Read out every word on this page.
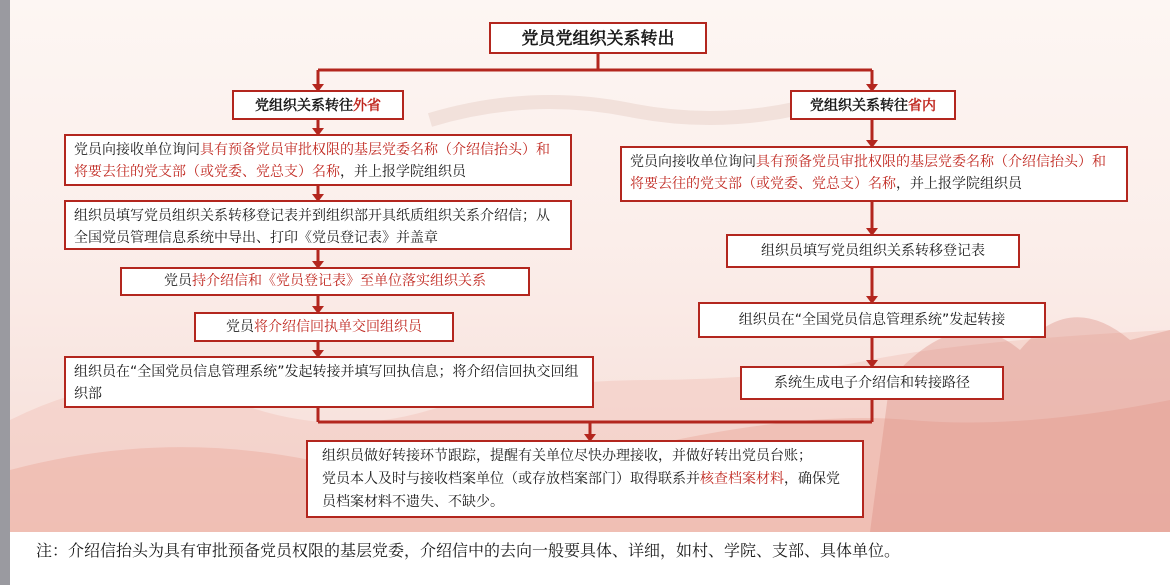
党员党组织关系转出
党组织关系转往外省
党员向接收单位询问具有预备党员审批权限的基层党委名称（介绍信抬头）和将要去往的党支部（或党委、党总支）名称，并上报学院组织员
组织员填写党员组织关系转移登记表并到组织部开具纸质组织关系介绍信；从全国党员管理信息系统中导出、打印《党员登记表》并盖章
党员持介绍信和《党员登记表》至单位落实组织关系
党员将介绍信回执单交回组织员
组织员在“全国党员信息管理系统”发起转接并填写回执信息；将介绍信回执交回组织部
党组织关系转往省内
党员向接收单位询问具有预备党员审批权限的基层党委名称（介绍信抬头）和将要去往的党支部（或党委、党总支）名称，并上报学院组织员
组织员填写党员组织关系转移登记表
组织员在“全国党员信息管理系统”发起转接
系统生成电子介绍信和转接路径
组织员做好转接环节跟踪，提醒有关单位尽快办理接收，并做好转出党员台账；
党员本人及时与接收档案单位（或存放档案部门）取得联系并核查档案材料，确保党员档案材料不遗失、不缺少。
注：介绍信抬头为具有审批预备党员权限的基层党委，介绍信中的去向一般要具体、详细，如村、学院、支部、具体单位。
